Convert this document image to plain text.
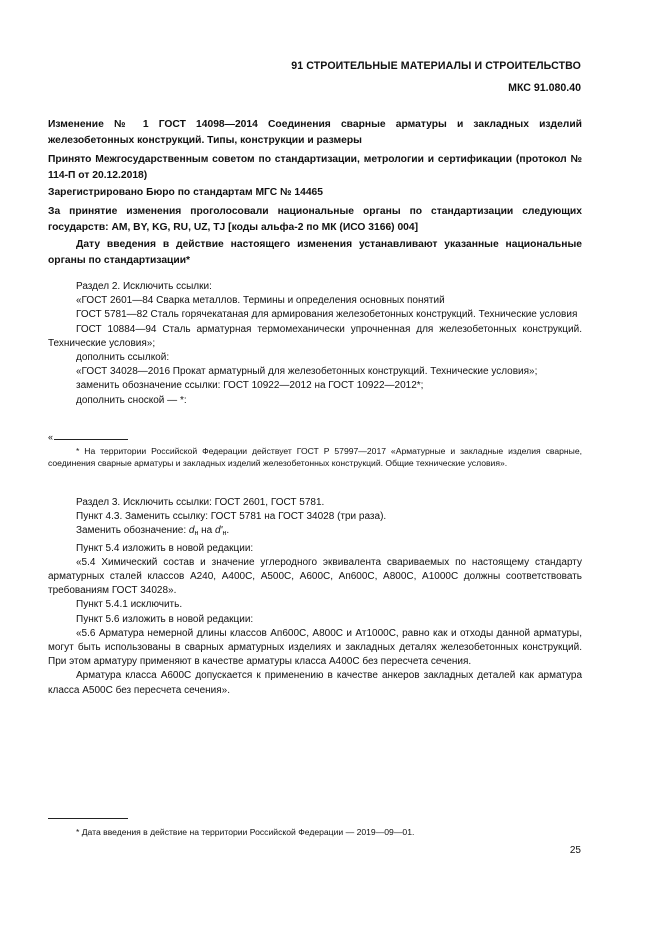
91 СТРОИТЕЛЬНЫЕ МАТЕРИАЛЫ И СТРОИТЕЛЬСТВО
МКС 91.080.40

Изменение № 1 ГОСТ 14098—2014 Соединения сварные арматуры и закладных изделий железобетонных конструкций. Типы, конструкции и размеры

Принято Межгосударственным советом по стандартизации, метрологии и сертификации (протокол № 114-П от 20.12.2018)

Зарегистрировано Бюро по стандартам МГС № 14465

За принятие изменения проголосовали национальные органы по стандартизации следующих государств: AM, BY, KG, RU, UZ, TJ [коды альфа-2 по МК (ИСО 3166) 004]

Дату введения в действие настоящего изменения устанавливают указанные национальные органы по стандартизации*

Раздел 2. Исключить ссылки:

«ГОСТ 2601—84 Сварка металлов. Термины и определения основных понятий

ГОСТ 5781—82 Сталь горячекатаная для армирования железобетонных конструкций. Технические условия

ГОСТ 10884—94 Сталь арматурная термомеханически упрочненная для железобетонных конструкций. Технические условия»;

дополнить ссылкой:

«ГОСТ 34028—2016 Прокат арматурный для железобетонных конструкций. Технические условия»;

заменить обозначение ссылки: ГОСТ 10922—2012 на ГОСТ 10922—2012*;

дополнить сноской — *:

«

* На территории Российской Федерации действует ГОСТ Р 57997—2017 «Арматурные и закладные изделия сварные, соединения сварные арматуры и закладных изделий железобетонных конструкций. Общие технические условия».

Раздел 3. Исключить ссылки: ГОСТ 2601, ГОСТ 5781.

Пункт 4.3. Заменить ссылку: ГОСТ 5781 на ГОСТ 34028 (три раза).

Заменить обозначение: $d_н$ на $d'_н$.

Пункт 5.4 изложить в новой редакции:

«5.4 Химический состав и значение углеродного эквивалента свариваемых по настоящему стандарту арматурных сталей классов А240, А400С, А500С, А600С, Ап600С, А800С, А1000С должны соответствовать требованиям ГОСТ 34028».

Пункт 5.4.1 исключить.

Пункт 5.6 изложить в новой редакции:

«5.6 Арматура немерной длины классов Ап600С, А800С и Ат1000С, равно как и отходы данной арматуры, могут быть использованы в сварных арматурных изделиях и закладных деталях железобетонных конструкций. При этом арматуру применяют в качестве арматуры класса А400С без пересчета сечения.

Арматура класса А600С допускается к применению в качестве анкеров закладных деталей как арматура класса А500С без пересчета сечения».

* Дата введения в действие на территории Российской Федерации — 2019—09—01.

25
